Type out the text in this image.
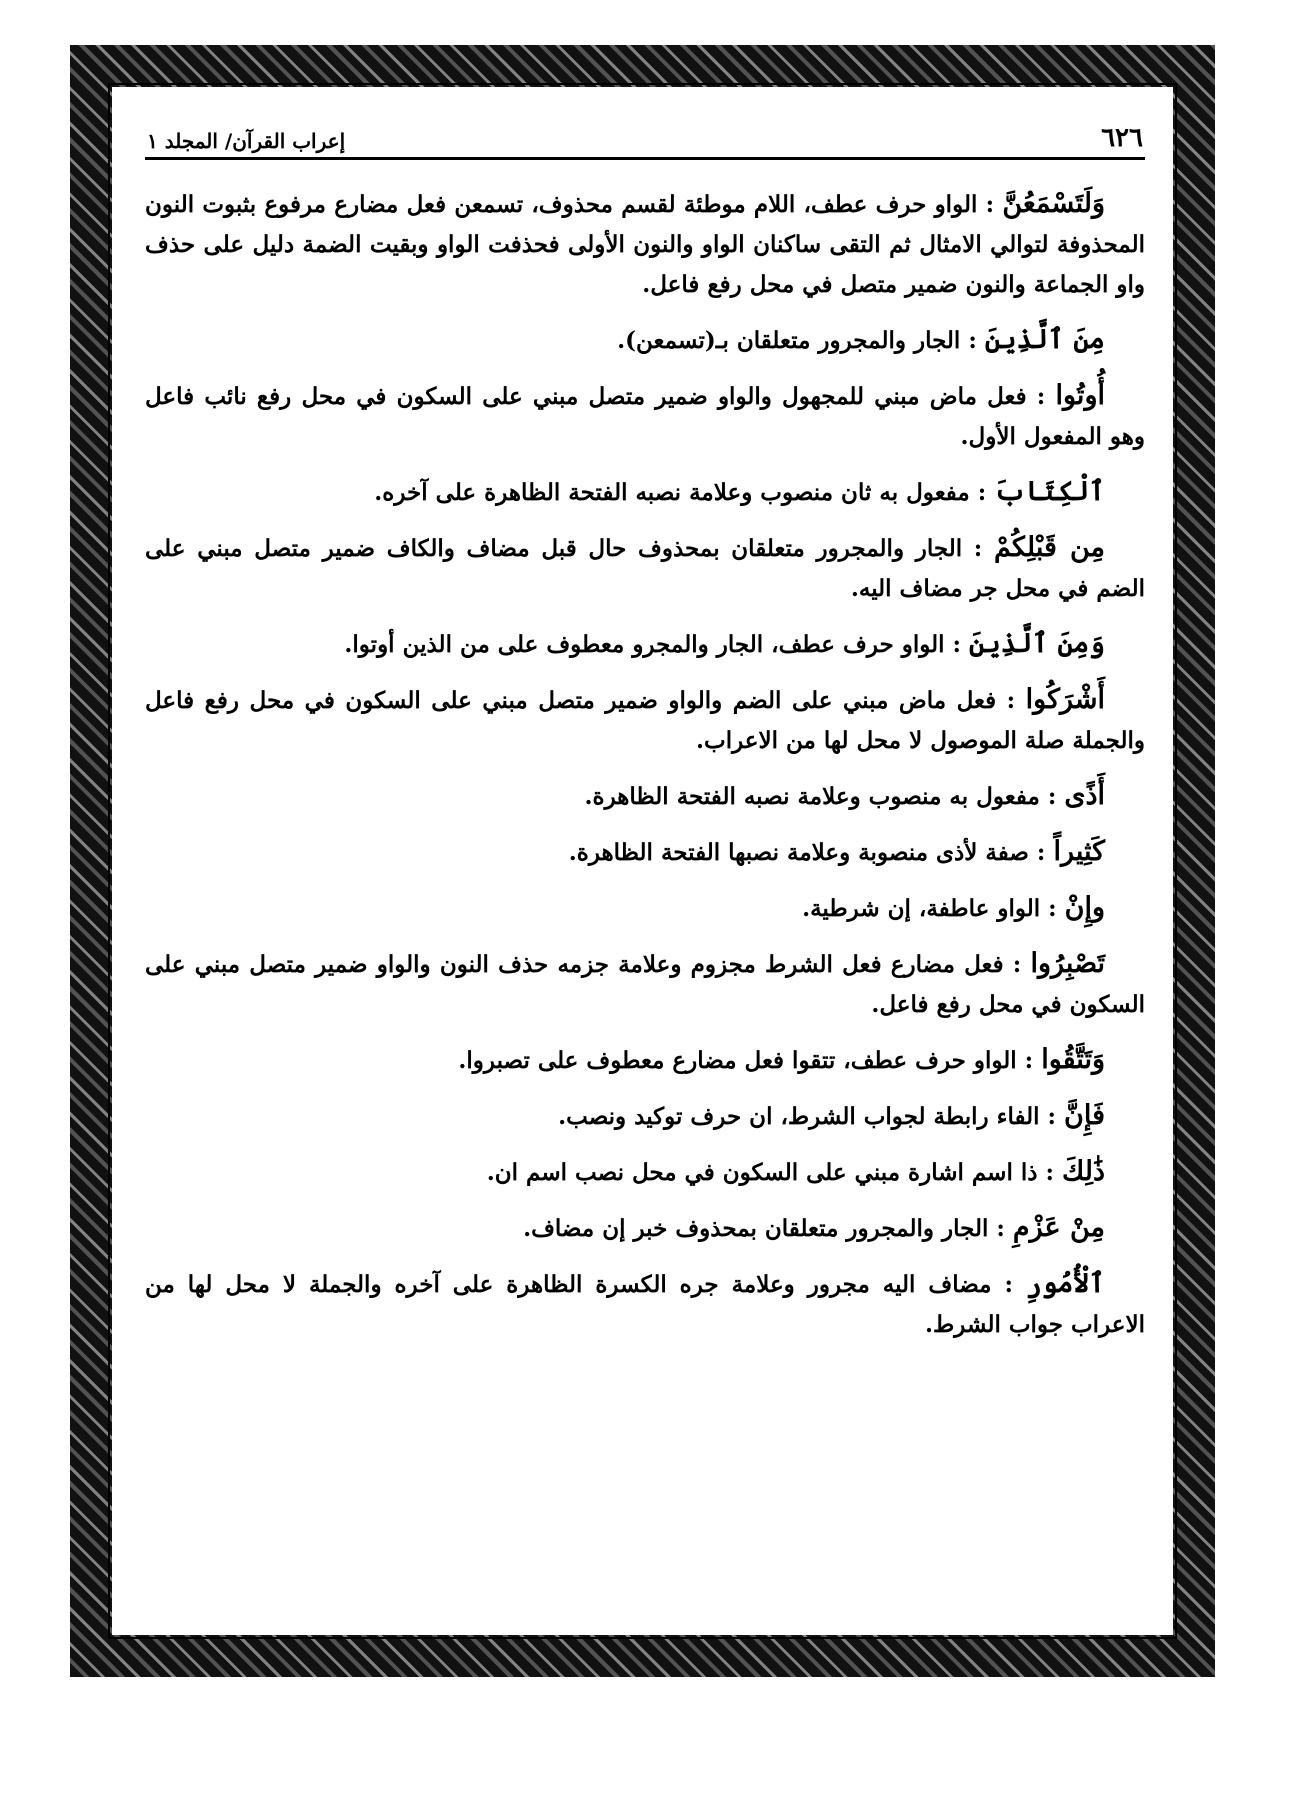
٦٢٦
إعراب القرآن/ المجلد ١

وَلَتَسْمَعُنَّ : الواو حرف عطف، اللام موطئة لقسم محذوف، تسمعن فعل مضارع مرفوع بثبوت النون المحذوفة لتوالي الامثال ثم التقى ساكنان الواو والنون الأولى فحذفت الواو وبقيت الضمة دليل على حذف واو الجماعة والنون ضمير متصل في محل رفع فاعل.

مِنَ ٱلَّذِينَ : الجار والمجرور متعلقان بـ(تسمعن).

أُوتُوا : فعل ماض مبني للمجهول والواو ضمير متصل مبني على السكون في محل رفع نائب فاعل وهو المفعول الأول.

ٱلْكِتَابَ : مفعول به ثان منصوب وعلامة نصبه الفتحة الظاهرة على آخره.

مِن قَبْلِكُمْ : الجار والمجرور متعلقان بمحذوف حال قبل مضاف والكاف ضمير متصل مبني على الضم في محل جر مضاف اليه.

وَمِنَ ٱلَّذِينَ : الواو حرف عطف، الجار والمجرو معطوف على من الذين أوتوا.

أَشْرَكُوا : فعل ماض مبني على الضم والواو ضمير متصل مبني على السكون في محل رفع فاعل والجملة صلة الموصول لا محل لها من الاعراب.

أَذًى : مفعول به منصوب وعلامة نصبه الفتحة الظاهرة.

كَثِيراً : صفة لأذى منصوبة وعلامة نصبها الفتحة الظاهرة.

وإِنْ : الواو عاطفة، إن شرطية.

تَصْبِرُوا : فعل مضارع فعل الشرط مجزوم وعلامة جزمه حذف النون والواو ضمير متصل مبني على السكون في محل رفع فاعل.

وَتَتَّقُوا : الواو حرف عطف، تتقوا فعل مضارع معطوف على تصبروا.

فَإِنَّ : الفاء رابطة لجواب الشرط، ان حرف توكيد ونصب.

ذَٰلِكَ : ذا اسم اشارة مبني على السكون في محل نصب اسم ان.

مِنْ عَزْمِ : الجار والمجرور متعلقان بمحذوف خبر إن مضاف.

ٱلْأُمُورِ : مضاف اليه مجرور وعلامة جره الكسرة الظاهرة على آخره والجملة لا محل لها من الاعراب جواب الشرط.
